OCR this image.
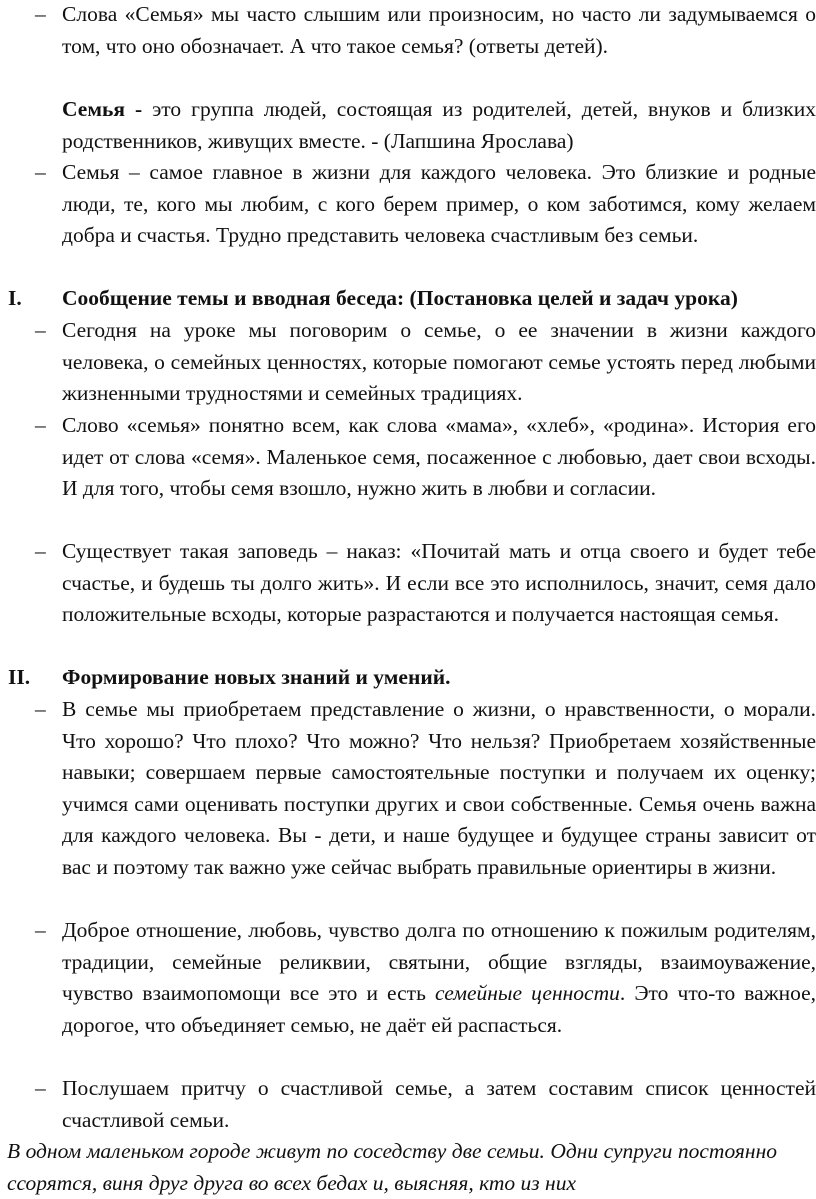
– Слова «Семья» мы часто слышим или произносим, но часто ли задумываемся о том, что оно обозначает. А что такое семья? (ответы детей).

Семья - это группа людей, состоящая из родителей, детей, внуков и близких родственников, живущих вместе. - (Лапшина Ярослава)

– Семья – самое главное в жизни для каждого человека. Это близкие и родные люди, те, кого мы любим, с кого берем пример, о ком заботимся, кому желаем добра и счастья. Трудно представить человека счастливым без семьи.

I. Сообщение темы и вводная беседа: (Постановка целей и задач урока)

– Сегодня на уроке мы поговорим о семье, о ее значении в жизни каждого человека, о семейных ценностях, которые помогают семье устоять перед любыми жизненными трудностями и семейных традициях.

– Слово «семья» понятно всем, как слова «мама», «хлеб», «родина». История его идет от слова «семя». Маленькое семя, посаженное с любовью, дает свои всходы. И для того, чтобы семя взошло, нужно жить в любви и согласии.

– Существует такая заповедь – наказ: «Почитай мать и отца своего и будет тебе счастье, и будешь ты долго жить». И если все это исполнилось, значит, семя дало положительные всходы, которые разрастаются и получается настоящая семья.

II. Формирование новых знаний и умений.

– В семье мы приобретаем представление о жизни, о нравственности, о морали. Что хорошо? Что плохо? Что можно? Что нельзя? Приобретаем хозяйственные навыки; совершаем первые самостоятельные поступки и получаем их оценку; учимся сами оценивать поступки других и свои собственные. Семья очень важна для каждого человека. Вы - дети, и наше будущее и будущее страны зависит от вас и поэтому так важно уже сейчас выбрать правильные ориентиры в жизни.

– Доброе отношение, любовь, чувство долга по отношению к пожилым родителям, традиции, семейные реликвии, святыни, общие взгляды, взаимоуважение, чувство взаимопомощи все это и есть семейные ценности. Это что-то важное, дорогое, что объединяет семью, не даёт ей распасться.

– Послушаем притчу о счастливой семье, а затем составим список ценностей счастливой семьи.

В одном маленьком городе живут по соседству две семьи. Одни супруги постоянно ссорятся, виня друг друга во всех бедах и, выясняя, кто из них
